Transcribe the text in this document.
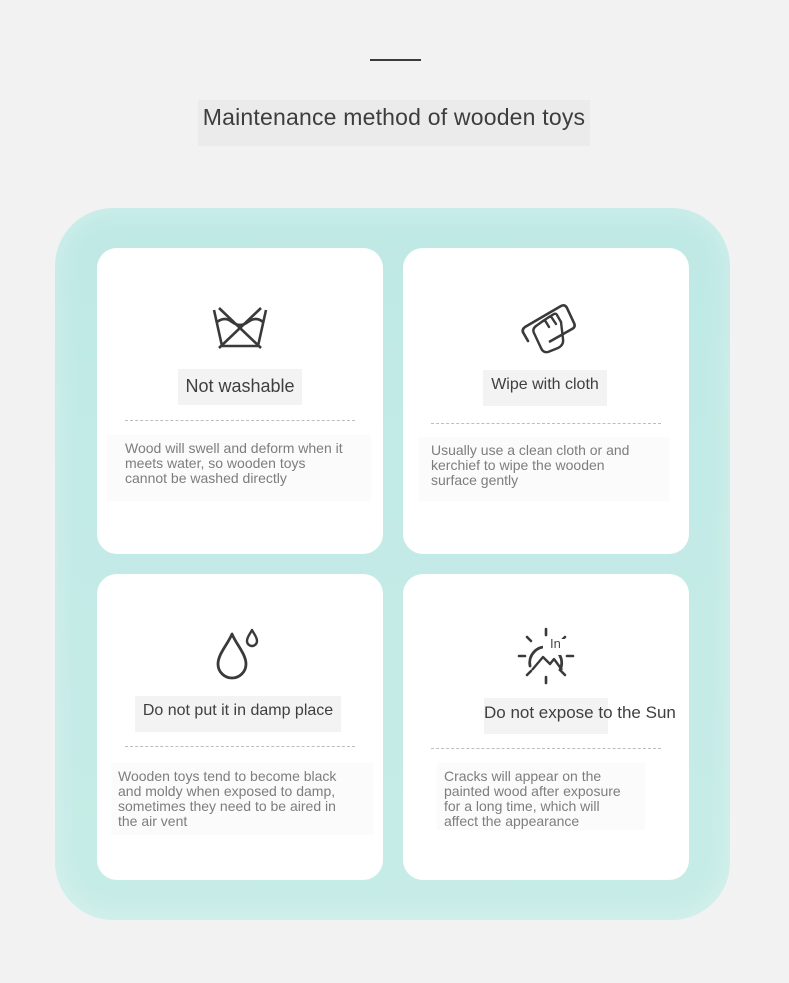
Maintenance method of wooden toys
Not washable
Wood will swell and deform when it
meets water, so wooden toys
cannot be washed directly
Wipe with cloth
Usually use a clean cloth or and
kerchief to wipe the wooden
surface gently
Do not put it in damp place
Wooden toys tend to become black
and moldy when exposed to damp,
sometimes they need to be aired in
the air vent
In
Do not expose to the Sun
Cracks will appear on the
painted wood after exposure
for a long time, which will
affect the appearance
